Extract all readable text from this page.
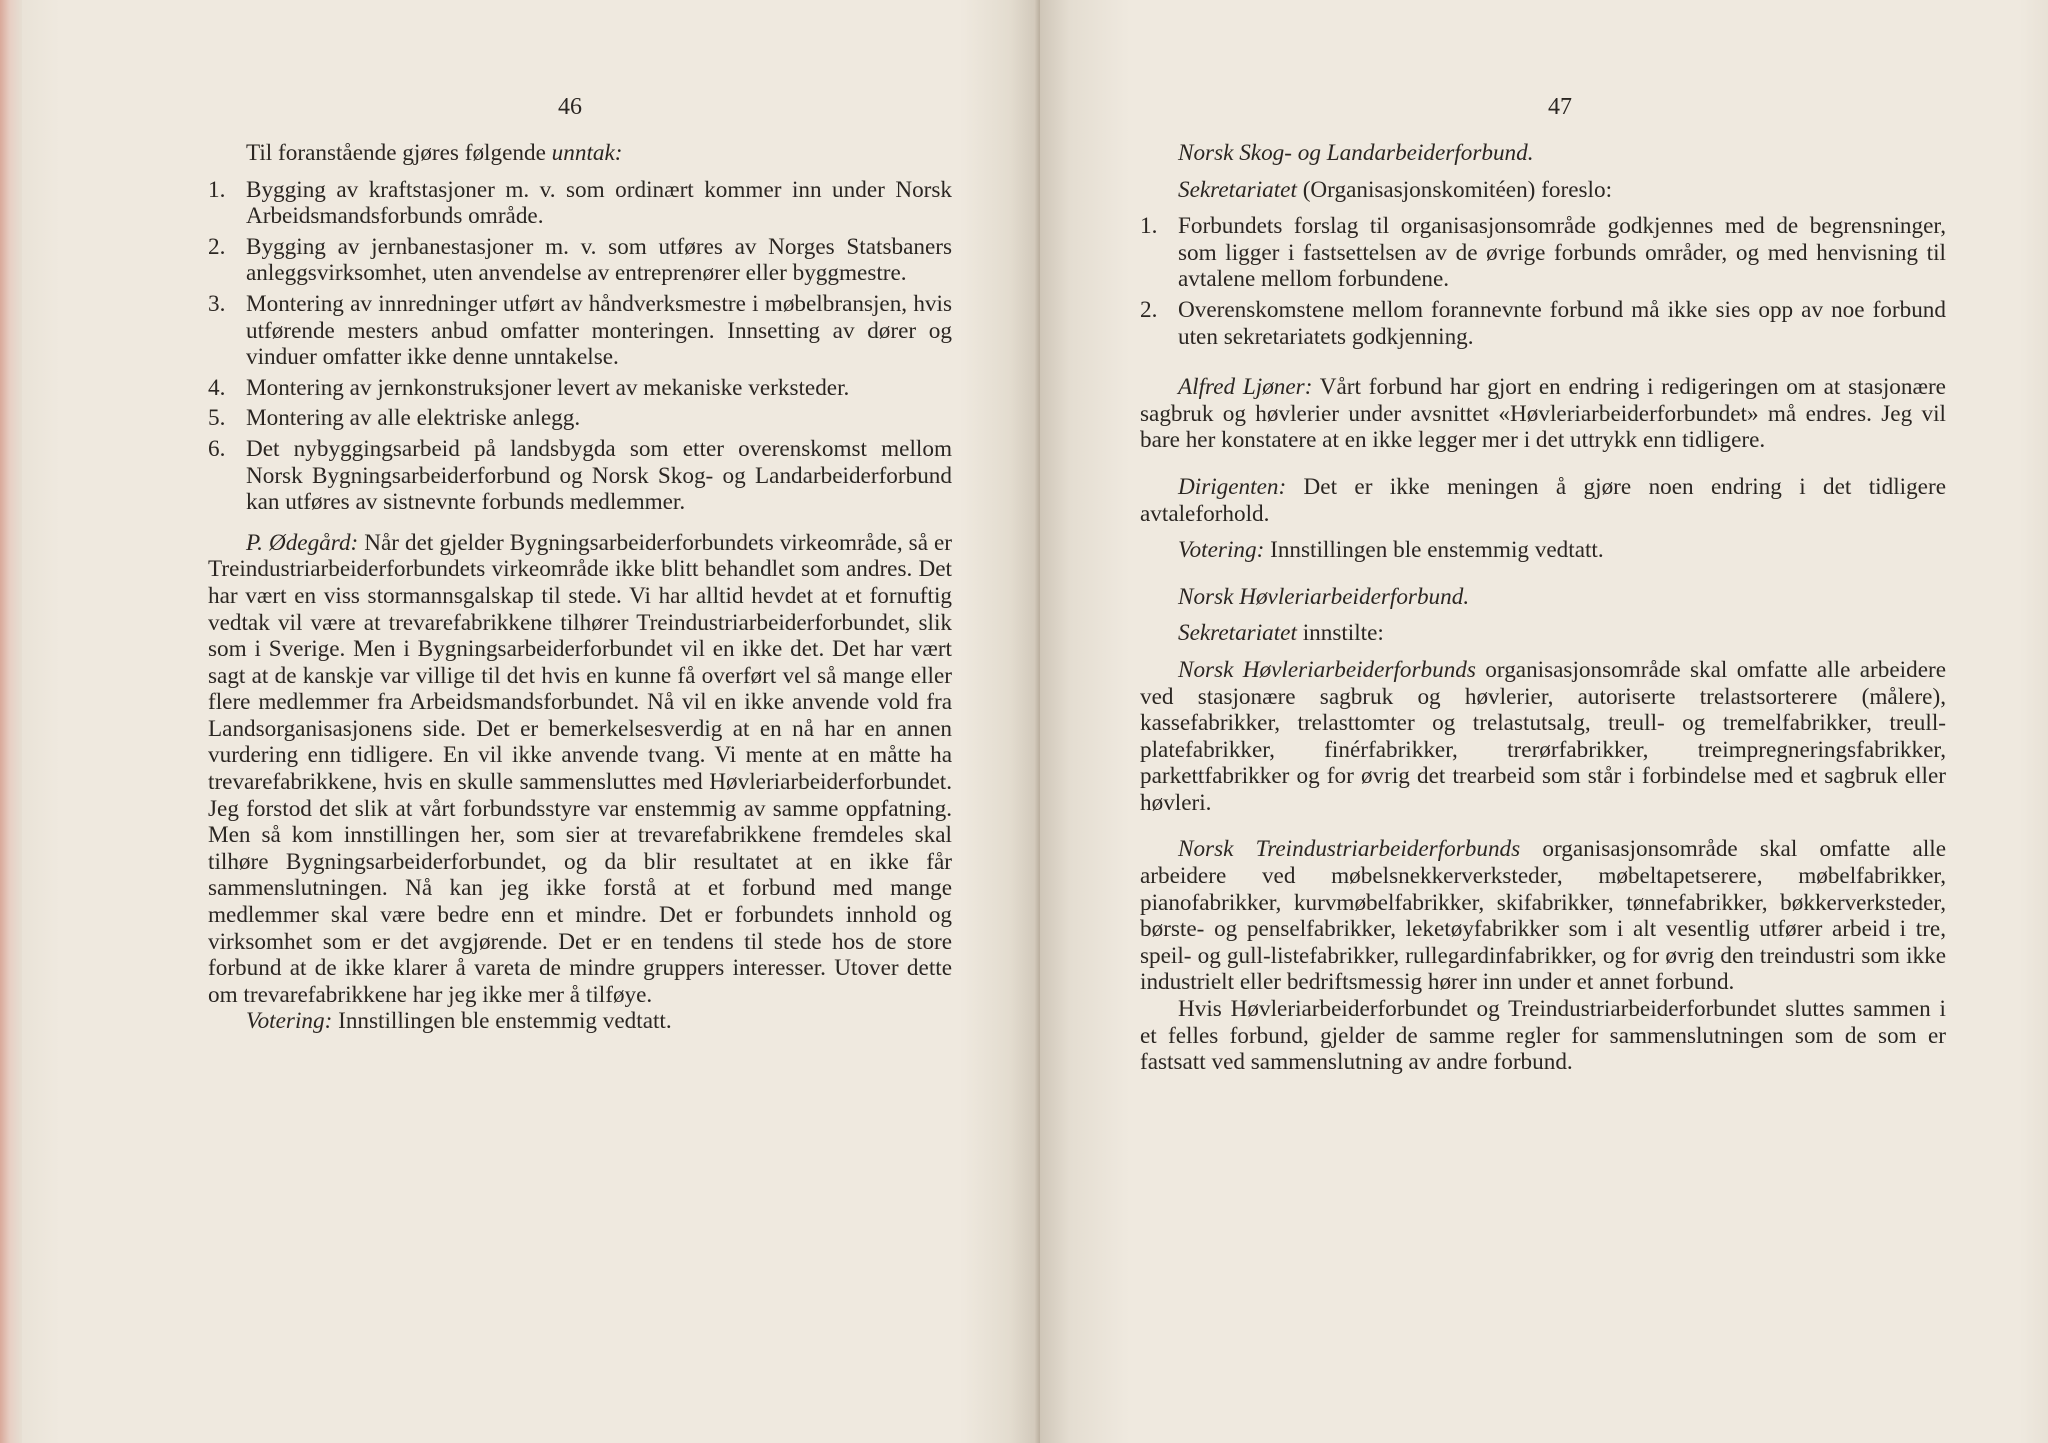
46

Til foranstående gjøres følgende unntak:

1. Bygging av kraftstasjoner m. v. som ordinært kommer inn under Norsk Arbeidsmandsforbunds område.
2. Bygging av jernbanestasjoner m. v. som utføres av Norges Statsbaners anleggsvirksomhet, uten anvendelse av entreprenører eller byggmestre.
3. Montering av innredninger utført av håndverksmestre i møbelbransjen, hvis utførende mesters anbud omfatter monteringen. Innsetting av dører og vinduer omfatter ikke denne unntakelse.
4. Montering av jernkonstruksjoner levert av mekaniske verksteder.
5. Montering av alle elektriske anlegg.
6. Det nybyggingsarbeid på landsbygda som etter overenskomst mellom Norsk Bygningsarbeiderforbund og Norsk Skog- og Landarbeiderforbund kan utføres av sistnevnte forbunds medlemmer.

P. Ødegård: Når det gjelder Bygningsarbeiderforbundets virkeområde, så er Treindustriarbeiderforbundets virkeområde ikke blitt behandlet som andres. Det har vært en viss stormannsgalskap til stede. Vi har alltid hevdet at et fornuftig vedtak vil være at trevarefabrikkene tilhører Treindustriarbeiderforbundet, slik som i Sverige. Men i Bygningsarbeiderforbundet vil en ikke det. Det har vært sagt at de kanskje var villige til det hvis en kunne få overført vel så mange eller flere medlemmer fra Arbeidsmandsforbundet. Nå vil en ikke anvende vold fra Landsorganisasjonens side. Det er bemerkelsesverdig at en nå har en annen vurdering enn tidligere. En vil ikke anvende tvang. Vi mente at en måtte ha trevarefabrikkene, hvis en skulle sammensluttes med Høvleriarbeiderforbundet. Jeg forstod det slik at vårt forbundsstyre var enstemmig av samme oppfatning. Men så kom innstillingen her, som sier at trevarefabrikkene fremdeles skal tilhøre Bygningsarbeiderforbundet, og da blir resultatet at en ikke får sammenslutningen. Nå kan jeg ikke forstå at et forbund med mange medlemmer skal være bedre enn et mindre. Det er forbundets innhold og virksomhet som er det avgjørende. Det er en tendens til stede hos de store forbund at de ikke klarer å vareta de mindre gruppers interesser. Utover dette om trevarefabrikkene har jeg ikke mer å tilføye.

Votering: Innstillingen ble enstemmig vedtatt.

47

Norsk Skog- og Landarbeiderforbund.

Sekretariatet (Organisasjonskomitéen) foreslo:

1. Forbundets forslag til organisasjonsområde godkjennes med de begrensninger, som ligger i fastsettelsen av de øvrige forbunds områder, og med henvisning til avtalene mellom forbundene.
2. Overenskomstene mellom forannevnte forbund må ikke sies opp av noe forbund uten sekretariatets godkjenning.

Alfred Ljøner: Vårt forbund har gjort en endring i redigeringen om at stasjonære sagbruk og høvlerier under avsnittet «Høvleriarbeiderforbundet» må endres. Jeg vil bare her konstatere at en ikke legger mer i det uttrykk enn tidligere.

Dirigenten: Det er ikke meningen å gjøre noen endring i det tidligere avtaleforhold.

Votering: Innstillingen ble enstemmig vedtatt.

Norsk Høvleriarbeiderforbund.

Sekretariatet innstilte:

Norsk Høvleriarbeiderforbunds organisasjonsområde skal omfatte alle arbeidere ved stasjonære sagbruk og høvlerier, autoriserte trelastsorterere (målere), kassefabrikker, trelasttomter og trelastutsalg, treull- og tremelfabrikker, treull-platefabrikker, finérfabrikker, trerørfabrikker, treimpregneringsfabrikker, parkettfabrikker og for øvrig det trearbeid som står i forbindelse med et sagbruk eller høvleri.

Norsk Treindustriarbeiderforbunds organisasjonsområde skal omfatte alle arbeidere ved møbelsnekkerverksteder, møbeltapetserere, møbelfabrikker, pianofabrikker, kurvmøbelfabrikker, skifabrikker, tønnefabrikker, bøkkerverksteder, børste- og penselfabrikker, leketøyfabrikker som i alt vesentlig utfører arbeid i tre, speil- og gull-listefabrikker, rullegardinfabrikker, og for øvrig den treindustri som ikke industrielt eller bedriftsmessig hører inn under et annet forbund.

Hvis Høvleriarbeiderforbundet og Treindustriarbeiderforbundet sluttes sammen i et felles forbund, gjelder de samme regler for sammenslutningen som de som er fastsatt ved sammenslutning av andre forbund.
